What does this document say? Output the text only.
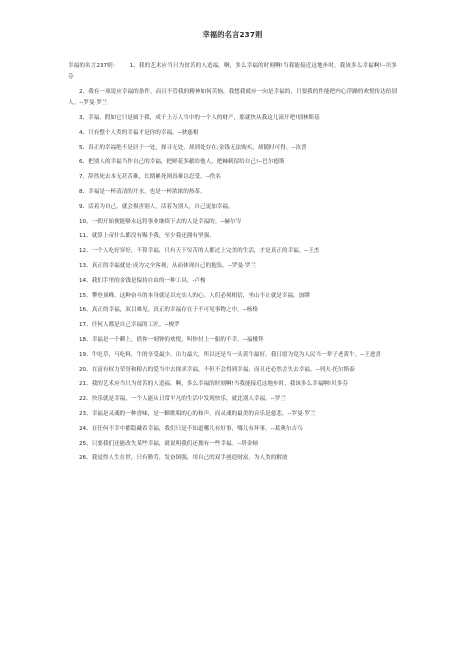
幸福的名言237则

幸福的名言237则： 1、我的艺术应当只为贫苦的人造福。啊，多么幸福的时刻啊!当我能接近这地步时，我该多么幸福啊!--贝多芬

2、我有一项说应幸福的条件，而且不管我的精神如何苦恼，我想我就应一向是幸福的，只要我的件能把内心浮躁的欢悦传达给别人。--罗曼·罗兰

3、幸福，假如它只是属于我，成千上万人当中的一个人的财产，那就快从我这儿滚开吧!别林斯基

4、只有整个人类的幸福才是你的幸福。--狄慈根

5、真正的幸福绝不是居于一处，探寻无处，却到处存在;金钱无法购买，却随时可得。--汝普

6、把别人的幸福当作自己的幸福，把鲜花多献给他人，把棘刺留给自己!--巴尔德斯

7、辞然死去本无甚苦难，长期累死则真难以忍受。--佚名

8、幸福是一杯清清的开水，也是一杯浓浓的热茶。

9、活着为自己，就会损害别人，活着为别人，自己更加幸福。

10、一朝开始便能够永远将事业继续下去的人是幸福的。--赫尔岑

11、就算上帝什么都没有赐予我，至少我还拥有坚强。

12、一个人吃好穿好，不算幸福，只有天下穷苦的人都过上完美的生活，才是真正的幸福。--王杰

13、真正的幸福就是:成为完全客观，从而体现自己的抱负。--罗曼·罗兰

14、我们手里的金钱是保持自由的一种工具。-卢梭

15、攀登顶峰，这种奋斗的本身就足以充实人的心。人们必须相信，坐山不止就是幸福。加缪

16、真正的幸福，双目难见。真正的幸福存在于不可见事物之中。--杨格

17、任何人都是自己幸福的工匠。--梭罗

18、幸福是一个瞬上，借你一刻钟的欢悦，叫你付上一船的不幸。--福楼拜

19、牛吃草，马吃料，牛的享受最少，出力最大，所以还是当一头黄牛最好。我日愿为党为人民当一辈子老黄牛。--王进喜

20、在富有权力荣誉和粮占的爱当中去探求幸福，不但不会得到幸福，而且还必然会失去幸福。--列夫·托尔斯泰

21、我的艺术应当只为贫苦的人造福。啊，多么幸福的时刻啊!当我能接近这地步时，我该多么幸福啊!贝多芬

22、快乐就是幸福，一个人能从日常平凡的生活中发现快乐，就比别人幸福。--罗兰

23、幸福是灵魂的一种香味，是一颗歌唱的心的和声。而灵魂的最美的音乐是慈悲。--罗曼·罗兰

24、在任何不幸中都隐藏着幸福，我们只是不知道哪儿有好事，哪儿有坏事。--葛奥尔吉乌

25、只要我们还能改失某些幸福，就说明我们还拥有一些幸福。--塔金顿

26、我觉得人生在世，只有勤劳，发奋图强，用自己的双手创造财富，为人类的解放
